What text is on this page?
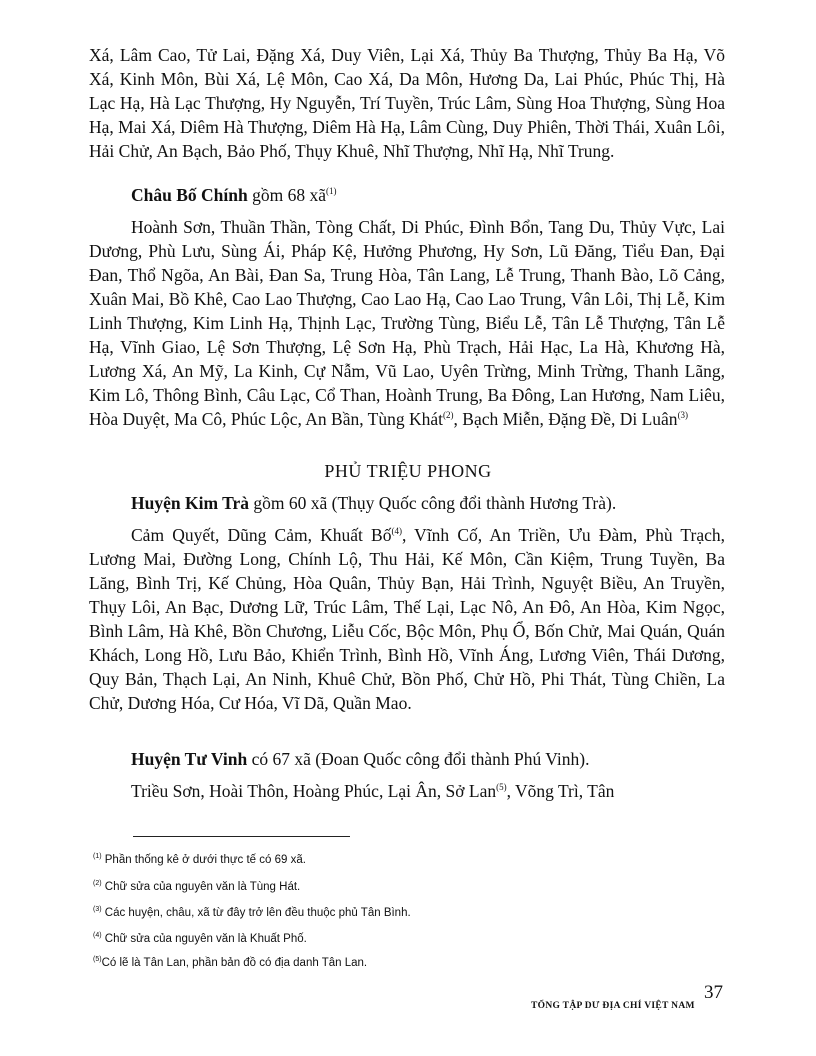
Xá, Lâm Cao, Tử Lai, Đặng Xá, Duy Viên, Lại Xá, Thủy Ba Thượng, Thủy Ba Hạ, Võ Xá, Kinh Môn, Bùi Xá, Lệ Môn, Cao Xá, Da Môn, Hương Da, Lai Phúc, Phúc Thị, Hà Lạc Hạ, Hà Lạc Thượng, Hy Nguyễn, Trí Tuyền, Trúc Lâm, Sùng Hoa Thượng, Sùng Hoa Hạ, Mai Xá, Diêm Hà Thượng, Diêm Hà Hạ, Lâm Cùng, Duy Phiên, Thời Thái, Xuân Lôi, Hải Chử, An Bạch, Bảo Phố, Thụy Khuê, Nhĩ Thượng, Nhĩ Hạ, Nhĩ Trung.

Châu Bố Chính gồm 68 $xã^{(1)}$

Hoành Sơn, Thuần Thần, Tòng Chất, Di Phúc, Đình Bổn, Tang Du, Thủy Vực, Lai Dương, Phù Lưu, Sùng Ái, Pháp Kệ, Hưởng Phương, Hy Sơn, Lũ Đăng, Tiểu Đan, Đại Đan, Thổ Ngõa, An Bài, Đan Sa, Trung Hòa, Tân Lang, Lễ Trung, Thanh Bào, Lõ Cảng, Xuân Mai, Bồ Khê, Cao Lao Thượng, Cao Lao Hạ, Cao Lao Trung, Vân Lôi, Thị Lễ, Kim Linh Thượng, Kim Linh Hạ, Thịnh Lạc, Trường Tùng, Biểu Lễ, Tân Lễ Thượng, Tân Lễ Hạ, Vĩnh Giao, Lệ Sơn Thượng, Lệ Sơn Hạ, Phù Trạch, Hải Hạc, La Hà, Khương Hà, Lương Xá, An Mỹ, La Kinh, Cự Nẫm, Vũ Lao, Uyên Trừng, Minh Trừng, Thanh Lãng, Kim Lô, Thông Bình, Câu Lạc, Cổ Than, Hoành Trung, Ba Đông, Lan Hương, Nam Liêu, Hòa Duyệt, Ma Cô, Phúc Lộc, An Bần, Tùng Khát$^{(2)}$, Bạch Miễn, Đặng Đề, Di Luân$^{(3)}$

PHỦ TRIỆU PHONG

Huyện Kim Trà gồm 60 xã (Thụy Quốc công đổi thành Hương Trà).

Cảm Quyết, Dũng Cảm, Khuất Bố$^{(4)}$, Vĩnh Cố, An Triền, Ưu Đàm, Phù Trạch, Lương Mai, Đường Long, Chính Lộ, Thu Hải, Kế Môn, Cần Kiệm, Trung Tuyền, Ba Lăng, Bình Trị, Kế Chủng, Hòa Quân, Thủy Bạn, Hải Trình, Nguyệt Biều, An Truyền, Thụy Lôi, An Bạc, Dương Lữ, Trúc Lâm, Thế Lại, Lạc Nô, An Đô, An Hòa, Kim Ngọc, Bình Lâm, Hà Khê, Bồn Chương, Liễu Cốc, Bộc Môn, Phụ Ổ, Bốn Chử, Mai Quán, Quán Khách, Long Hồ, Lưu Bảo, Khiển Trình, Bình Hồ, Vĩnh Áng, Lương Viên, Thái Dương, Quy Bản, Thạch Lại, An Ninh, Khuê Chử, Bồn Phố, Chử Hồ, Phi Thát, Tùng Chiền, La Chử, Dương Hóa, Cư Hóa, Vĩ Dã, Quần Mao.

Huyện Tư Vinh có 67 xã (Đoan Quốc công đổi thành Phú Vinh).

Triều Sơn, Hoài Thôn, Hoàng Phúc, Lại Ân, Sở Lan$^{(5)}$, Võng Trì, Tân

$^{(1)}$ Phần thống kê ở dưới thực tế có 69 xã.

$^{(2)}$ Chữ sửa của nguyên văn là Tùng Hát.

$^{(3)}$ Các huyện, châu, xã từ đây trở lên đều thuộc phủ Tân Bình.

$^{(4)}$ Chữ sửa của nguyên văn là Khuất Phố.

$^{(5)}$Có lẽ là Tân Lan, phần bản đồ có địa danh Tân Lan.

37
TỔNG TẬP DƯ ĐỊA CHÍ VIỆT NAM
